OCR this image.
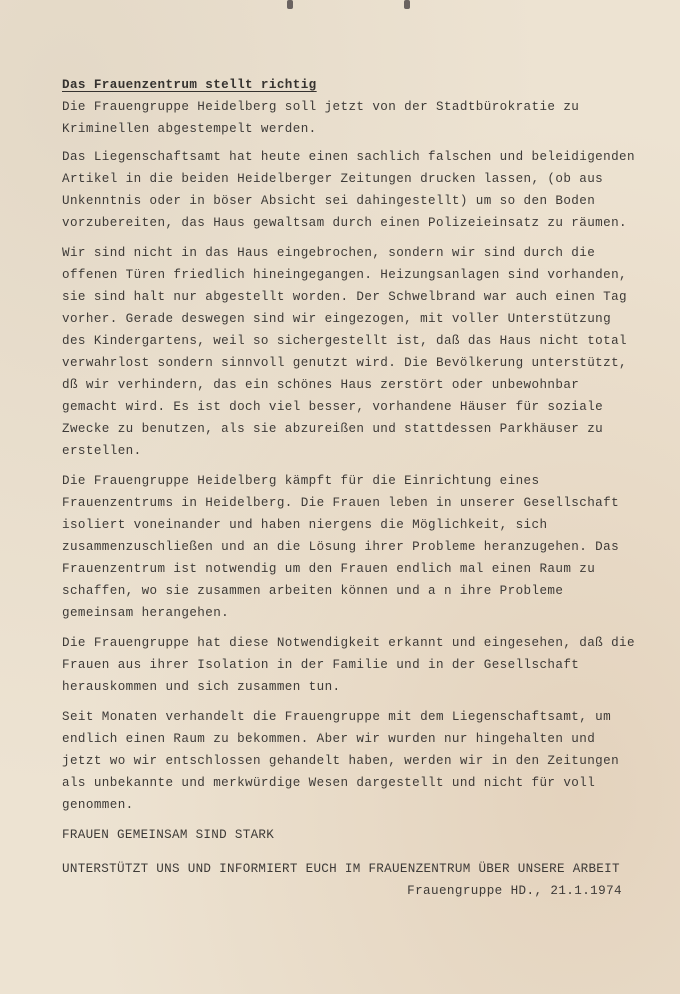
Das Frauenzentrum stellt richtig

Die Frauengruppe Heidelberg soll jetzt von der Stadtbürokratie zu Kriminellen abgestempelt werden.

Das Liegenschaftsamt hat heute einen sachlich falschen und beleidigenden Artikel in die beiden Heidelberger Zeitungen drucken lassen, (ob aus Unkenntnis oder in böser Absicht sei dahingestellt) um so den Boden vorzubereiten, das Haus gewaltsam durch einen Polizeieinsatz zu räumen.

Wir sind nicht in das Haus eingebrochen, sondern wir sind durch die offenen Türen friedlich hineingegangen. Heizungsanlagen sind vorhanden, sie sind halt nur abgestellt worden. Der Schwelbrand war auch einen Tag vorher. Gerade deswegen sind wir eingezogen, mit voller Unterstützung des Kindergartens, weil so sichergestellt ist, daß das Haus nicht total verwahrlost sondern sinnvoll genutzt wird. Die Bevölkerung unterstützt, dß wir verhindern, das ein schönes Haus zerstört oder unbewohnbar gemacht wird. Es ist doch viel besser, vorhandene Häuser für soziale Zwecke zu benutzen, als sie abzureißen und stattdessen Parkhäuser zu erstellen.

Die Frauengruppe Heidelberg kämpft für die Einrichtung eines Frauenzentrums in Heidelberg. Die Frauen leben in unserer Gesellschaft isoliert voneinander und haben niergens die Möglichkeit, sich zusammenzuschließen und an die Lösung ihrer Probleme heranzugehen. Das Frauenzentrum ist notwendig um den Frauen endlich mal einen Raum zu schaffen, wo sie zusammen arbeiten können und a n ihre Probleme gemeinsam herangehen.

Die Frauengruppe hat diese Notwendigkeit erkannt und eingesehen, daß die Frauen aus ihrer Isolation in der Familie und in der Gesellschaft herauskommen und sich zusammen tun.

Seit Monaten verhandelt die Frauengruppe mit dem Liegenschaftsamt, um endlich einen Raum zu bekommen. Aber wir wurden nur hingehalten und jetzt wo wir entschlossen gehandelt haben, werden wir in den Zeitungen als unbekannte und merkwürdige Wesen dargestellt und nicht für voll genommen.

FRAUEN GEMEINSAM SIND STARK
UNTERSTÜTZT UNS UND INFORMIERT EUCH IM FRAUENZENTRUM ÜBER UNSERE ARBEIT
Frauengruppe HD., 21.1.1974
